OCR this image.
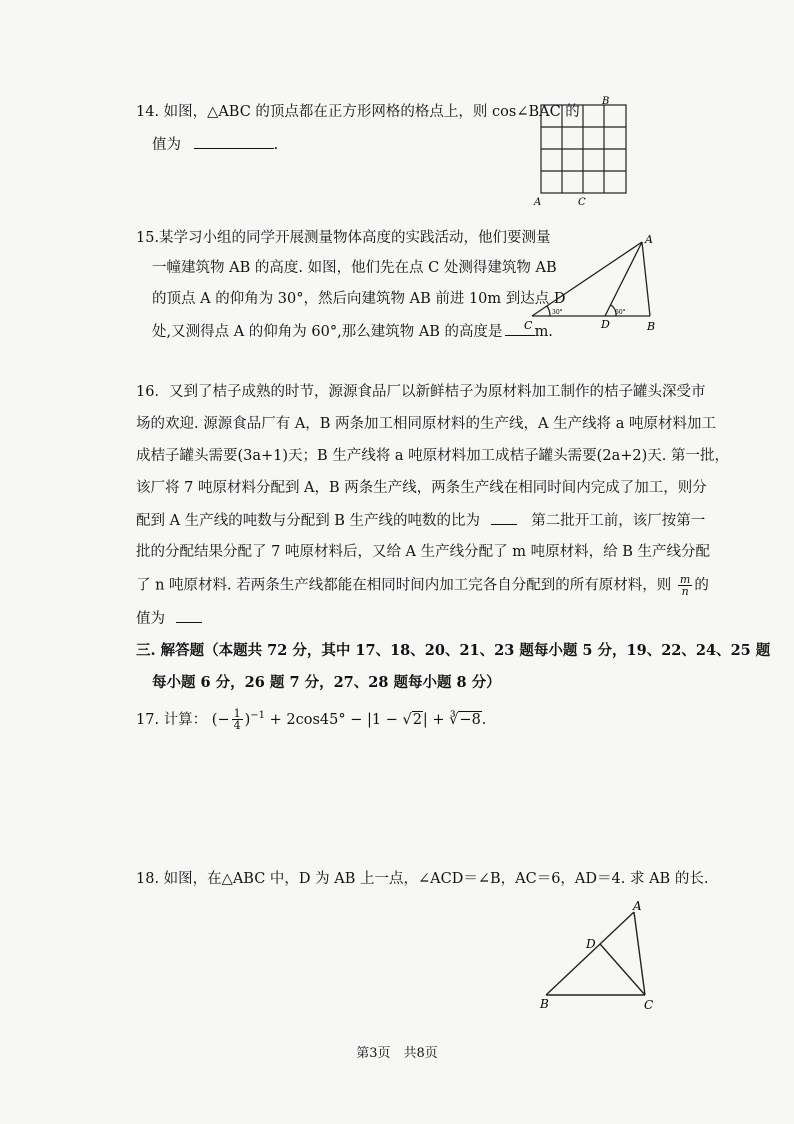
14. 如图，△ABC 的顶点都在正方形网格的格点上，则 cos∠BAC 的
值为	.
B
A	C
15.某学习小组的同学开展测量物体高度的实践活动，他们要测量
一幢建筑物 AB 的高度. 如图，他们先在点 C 处测得建筑物 AB
的顶点 A 的仰角为 30°，然后向建筑物 AB 前进 10m 到达点 D
处,又测得点 A 的仰角为 60°,那么建筑物 AB 的高度是 m.
A
C	D	B
30°	60°
16．又到了桔子成熟的时节，源源食品厂以新鲜桔子为原材料加工制作的桔子罐头深受市
场的欢迎. 源源食品厂有 A，B 两条加工相同原材料的生产线，A 生产线将 a 吨原材料加工
成桔子罐头需要(3a+1)天；B 生产线将 a 吨原材料加工成桔子罐头需要(2a+2)天. 第一批，
该厂将 7 吨原材料分配到 A，B 两条生产线，两条生产线在相同时间内完成了加工，则分
配到 A 生产线的吨数与分配到 B 生产线的吨数的比为	第二批开工前，该厂按第一
批的分配结果分配了 7 吨原材料后，又给 A 生产线分配了 m 吨原材料，给 B 生产线分配
了 n 吨原材料. 若两条生产线都能在相同时间内加工完各自分配到的所有原材料，则 $\frac{m}{n}$ 的
值为
三. 解答题（本题共 72 分，其中 17、18、20、21、23 题每小题 5 分，19、22、24、25 题
每小题 6 分，26 题 7 分，27、28 题每小题 8 分）
17. 计算： (− $\frac{1}{4} )^{-1} + 2\cos 45^\circ - |1 - √2|$ + ∛−8.
18. 如图，在△ABC 中，D 为 AB 上一点，∠ACD＝∠B，AC＝6，AD＝4. 求 AB 的长.
A
D
B	C
第3页　共8页
